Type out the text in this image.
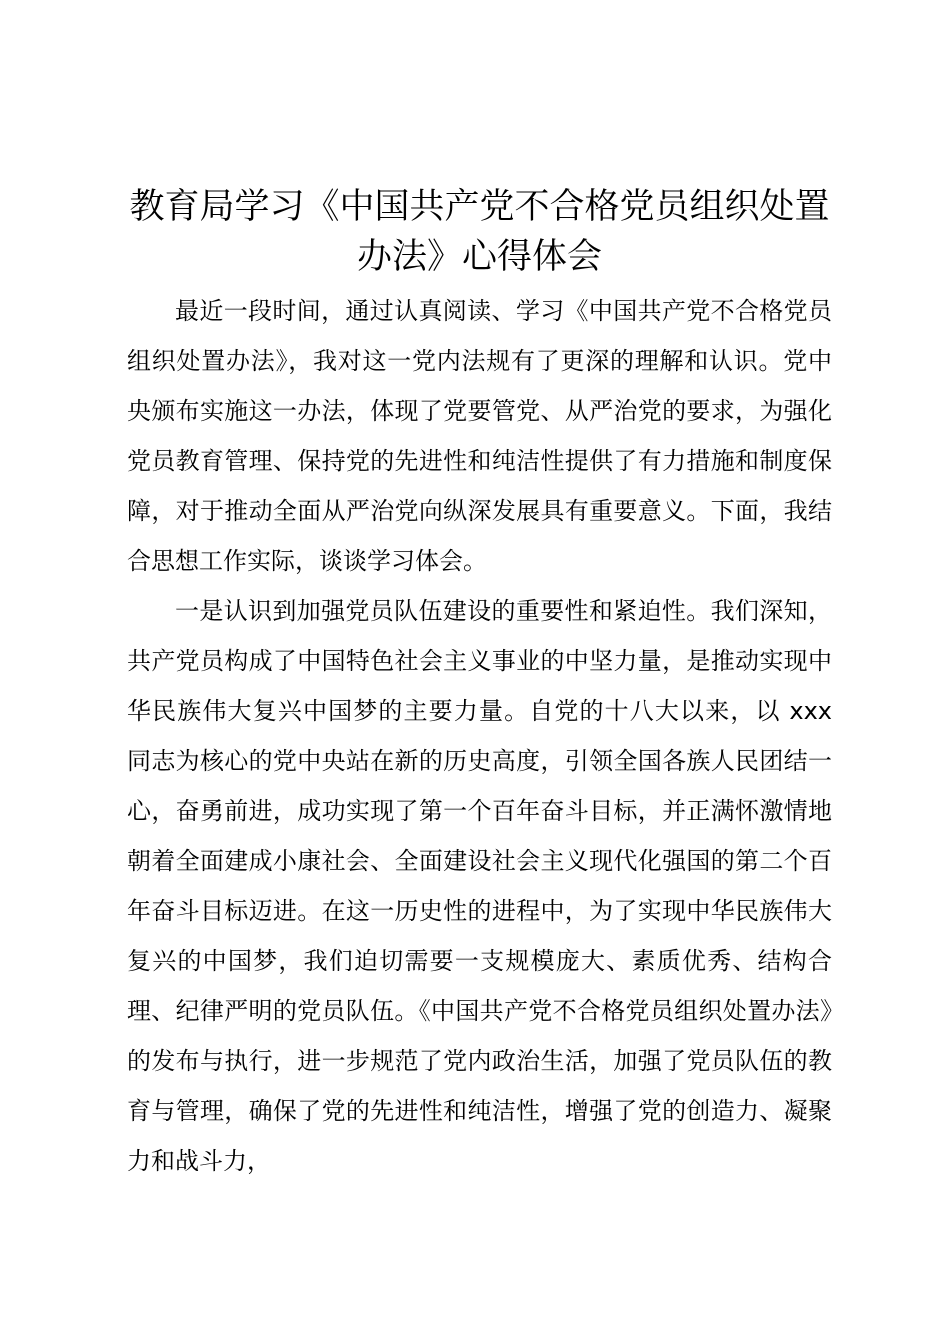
教育局学习《中国共产党不合格党员组织处置
办法》心得体会

最近一段时间，通过认真阅读、学习《中国共产党不合格党员组织处置办法》，我对这一党内法规有了更深的理解和认识。党中央颁布实施这一办法，体现了党要管党、从严治党的要求，为强化党员教育管理、保持党的先进性和纯洁性提供了有力措施和制度保障，对于推动全面从严治党向纵深发展具有重要意义。下面，我结合思想工作实际，谈谈学习体会。

一是认识到加强党员队伍建设的重要性和紧迫性。我们深知，共产党员构成了中国特色社会主义事业的中坚力量，是推动实现中华民族伟大复兴中国梦的主要力量。自党的十八大以来，以 xxx 同志为核心的党中央站在新的历史高度，引领全国各族人民团结一心，奋勇前进，成功实现了第一个百年奋斗目标，并正满怀激情地朝着全面建成小康社会、全面建设社会主义现代化强国的第二个百年奋斗目标迈进。在这一历史性的进程中，为了实现中华民族伟大复兴的中国梦，我们迫切需要一支规模庞大、素质优秀、结构合理、纪律严明的党员队伍。《中国共产党不合格党员组织处置办法》的发布与执行，进一步规范了党内政治生活，加强了党员队伍的教育与管理，确保了党的先进性和纯洁性，增强了党的创造力、凝聚力和战斗力，
